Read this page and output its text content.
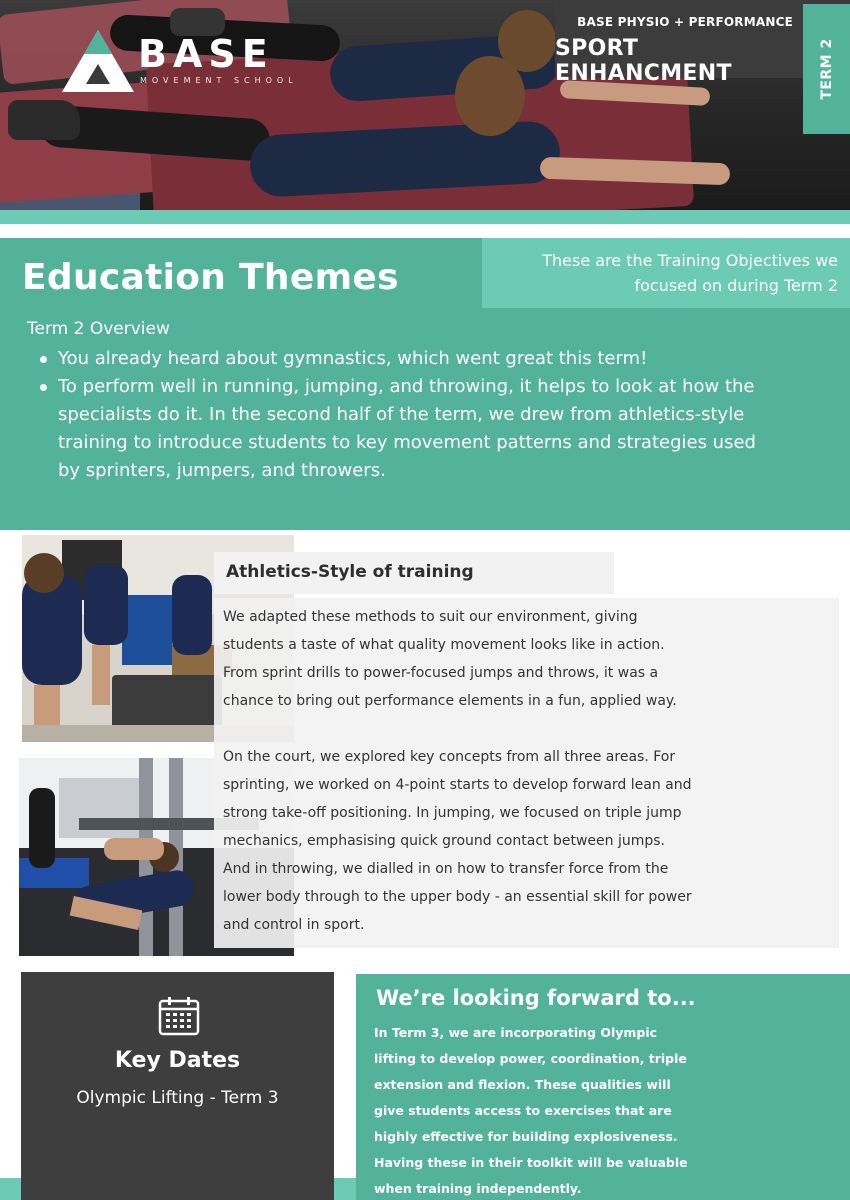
BASE
MOVEMENT SCHOOL
BASE PHYSIO + PERFORMANCE
SPORT ENHANCMENT	TERM 2
Education Themes	These are the Training Objectives we focused on during Term 2
Term 2 Overview
You already heard about gymnastics, which went great this term!
To perform well in running, jumping, and throwing, it helps to look at how the specialists do it. In the second half of the term, we drew from athletics-style training to introduce students to key movement patterns and strategies used by sprinters, jumpers, and throwers.
Athletics-Style of training
We adapted these methods to suit our environment, giving students a taste of what quality movement looks like in action. From sprint drills to power-focused jumps and throws, it was a chance to bring out performance elements in a fun, applied way.
On the court, we explored key concepts from all three areas. For sprinting, we worked on 4-point starts to develop forward lean and strong take-off positioning. In jumping, we focused on triple jump mechanics, emphasising quick ground contact between jumps. And in throwing, we dialled in on how to transfer force from the lower body through to the upper body - an essential skill for power and control in sport.
Key Dates
Olympic Lifting - Term 3
We’re looking forward to...
In Term 3, we are incorporating Olympic lifting to develop power, coordination, triple extension and flexion. These qualities will give students access to exercises that are highly effective for building explosiveness. Having these in their toolkit will be valuable when training independently.
